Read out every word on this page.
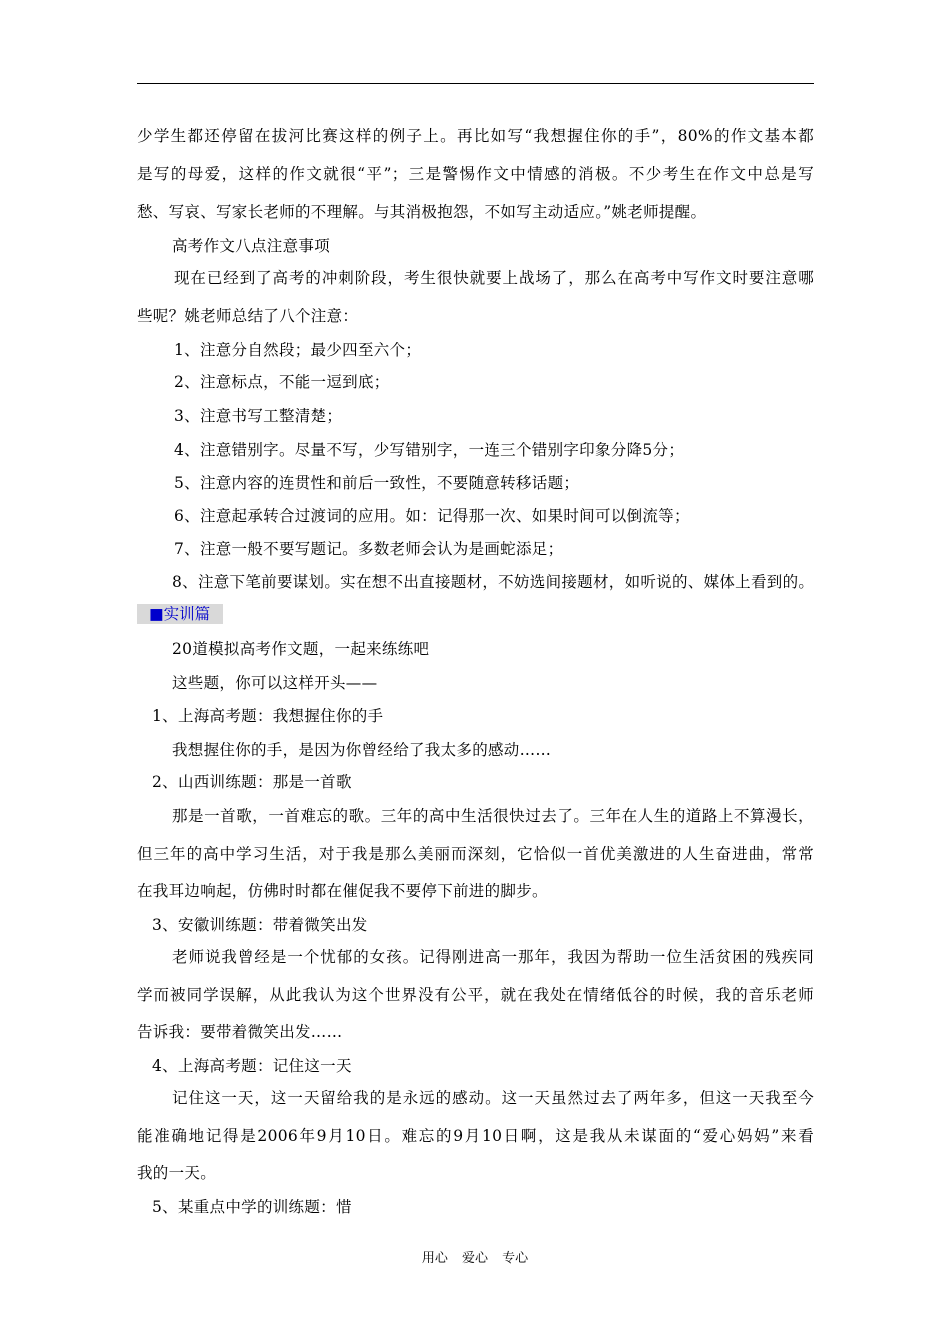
少学生都还停留在拔河比赛这样的例子上。再比如写“我想握住你的手”，80%的作文基本都
是写的母爱，这样的作文就很“平”；三是警惕作文中情感的消极。不少考生在作文中总是写
愁、写哀、写家长老师的不理解。与其消极抱怨，不如写主动适应。”姚老师提醒。
高考作文八点注意事项
现在已经到了高考的冲刺阶段，考生很快就要上战场了，那么在高考中写作文时要注意哪
些呢？姚老师总结了八个注意：
1、注意分自然段；最少四至六个；
2、注意标点，不能一逗到底；
3、注意书写工整清楚；
4、注意错别字。尽量不写，少写错别字，一连三个错别字印象分降5分；
5、注意内容的连贯性和前后一致性，不要随意转移话题；
6、注意起承转合过渡词的应用。如：记得那一次、如果时间可以倒流等；
7、注意一般不要写题记。多数老师会认为是画蛇添足；
8、注意下笔前要谋划。实在想不出直接题材，不妨选间接题材，如听说的、媒体上看到的。
■实训篇
20道模拟高考作文题，一起来练练吧
这些题，你可以这样开头——
1、上海高考题：我想握住你的手
我想握住你的手，是因为你曾经给了我太多的感动……
2、山西训练题：那是一首歌
那是一首歌，一首难忘的歌。三年的高中生活很快过去了。三年在人生的道路上不算漫长，
但三年的高中学习生活，对于我是那么美丽而深刻，它恰似一首优美激进的人生奋进曲，常常
在我耳边响起，仿佛时时都在催促我不要停下前进的脚步。
3、安徽训练题：带着微笑出发
老师说我曾经是一个忧郁的女孩。记得刚进高一那年，我因为帮助一位生活贫困的残疾同
学而被同学误解，从此我认为这个世界没有公平，就在我处在情绪低谷的时候，我的音乐老师
告诉我：要带着微笑出发……
4、上海高考题：记住这一天
记住这一天，这一天留给我的是永远的感动。这一天虽然过去了两年多，但这一天我至今
能准确地记得是2006年9月10日。难忘的9月10日啊，这是我从未谋面的“爱心妈妈”来看
我的一天。
5、某重点中学的训练题：惜
用心 爱心 专心
